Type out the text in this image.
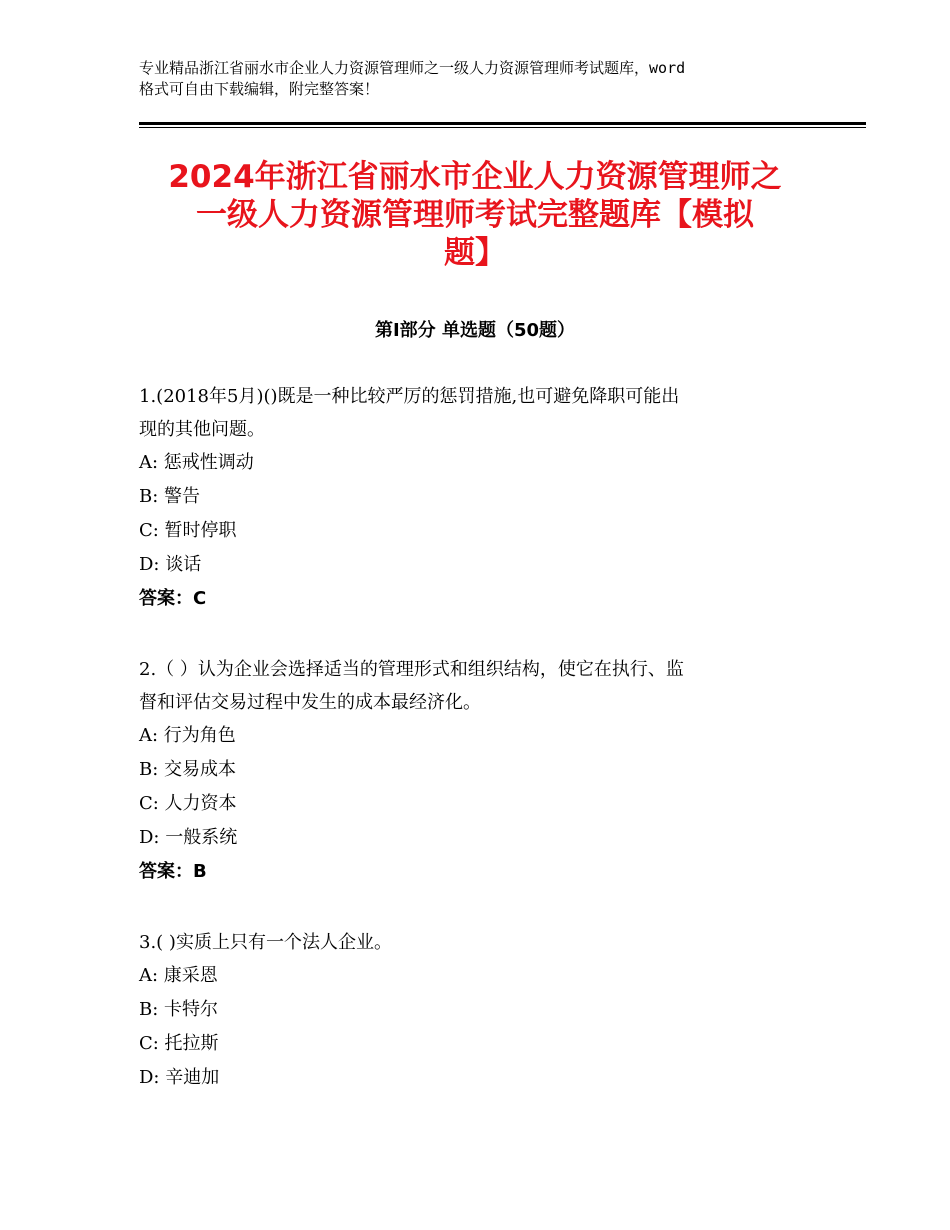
专业精品浙江省丽水市企业人力资源管理师之一级人力资源管理师考试题库，word
格式可自由下载编辑，附完整答案！
2024年浙江省丽水市企业人力资源管理师之
一级人力资源管理师考试完整题库【模拟
题】
第Ⅰ部分 单选题（50题）
1.(2018年5月)()既是一种比较严厉的惩罚措施,也可避免降职可能出
现的其他问题。
A: 惩戒性调动
B: 警告
C: 暂时停职
D: 谈话
答案：C
2.（ ）认为企业会选择适当的管理形式和组织结构，使它在执行、监
督和评估交易过程中发生的成本最经济化。
A: 行为角色
B: 交易成本
C: 人力资本
D: 一般系统
答案：B
3.( )实质上只有一个法人企业。
A: 康采恩
B: 卡特尔
C: 托拉斯
D: 辛迪加
